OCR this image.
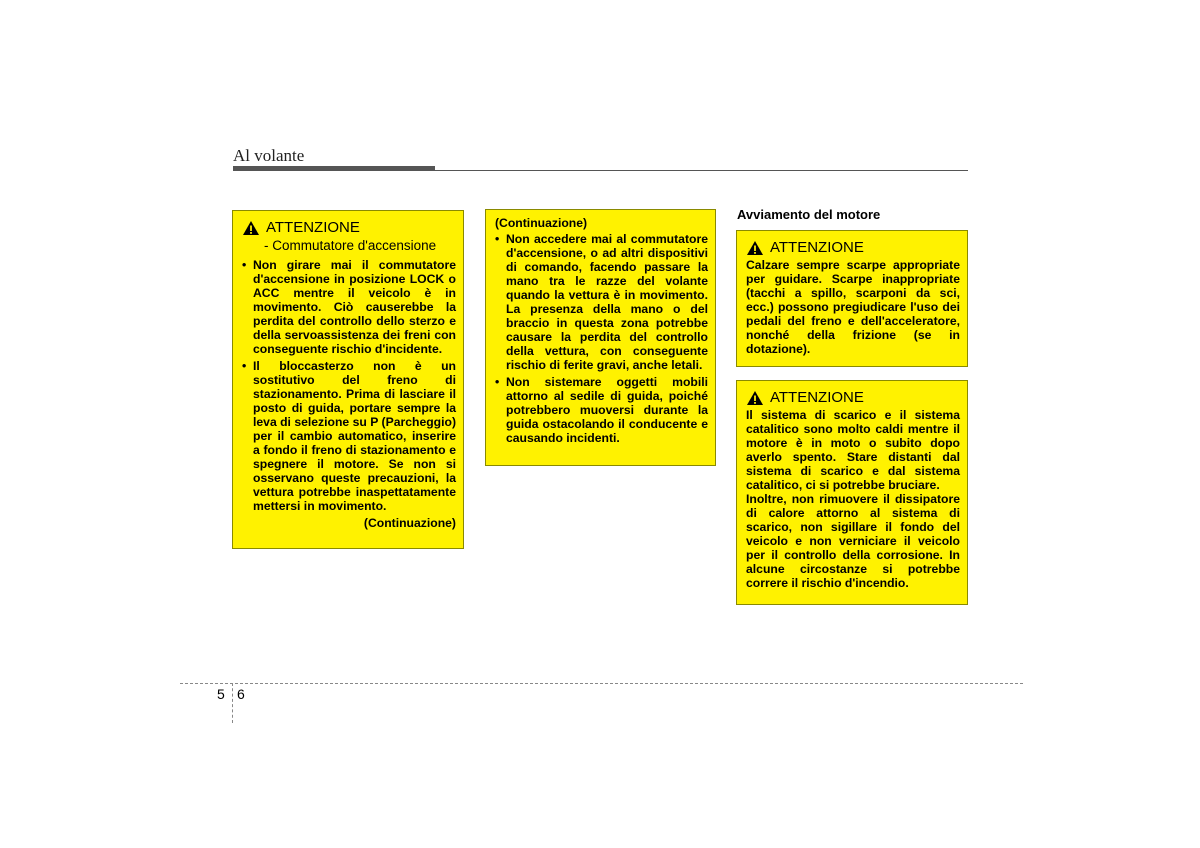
Al volante
ATTENZIONE
- Commutatore d'accensione
• Non girare mai il commutatore d'accensione in posizione LOCK o ACC mentre il veicolo è in movimento. Ciò causerebbe la perdita del controllo dello sterzo e della servoassistenza dei freni con conseguente rischio d'incidente.
• Il bloccasterzo non è un sostitutivo del freno di stazionamento. Prima di lasciare il posto di guida, portare sempre la leva di selezione su P (Parcheggio) per il cambio automatico, inserire a fondo il freno di stazionamento e spegnere il motore. Se non si osservano queste precauzioni, la vettura potrebbe inaspettatamente mettersi in movimento.
(Continuazione)
(Continuazione)
• Non accedere mai al commutatore d'accensione, o ad altri dispositivi di comando, facendo passare la mano tra le razze del volante quando la vettura è in movimento. La presenza della mano o del braccio in questa zona potrebbe causare la perdita del controllo della vettura, con conseguente rischio di ferite gravi, anche letali.
• Non sistemare oggetti mobili attorno al sedile di guida, poiché potrebbero muoversi durante la guida ostacolando il conducente e causando incidenti.
Avviamento del motore
ATTENZIONE
Calzare sempre scarpe appropriate per guidare. Scarpe inappropriate (tacchi a spillo, scarponi da sci, ecc.) possono pregiudicare l'uso dei pedali del freno e dell'acceleratore, nonché della frizione (se in dotazione).
ATTENZIONE
Il sistema di scarico e il sistema catalitico sono molto caldi mentre il motore è in moto o subito dopo averlo spento. Stare distanti dal sistema di scarico e dal sistema catalitico, ci si potrebbe bruciare.
Inoltre, non rimuovere il dissipatore di calore attorno al sistema di scarico, non sigillare il fondo del veicolo e non verniciare il veicolo per il controllo della corrosione. In alcune circostanze si potrebbe correre il rischio d'incendio.
5 6
